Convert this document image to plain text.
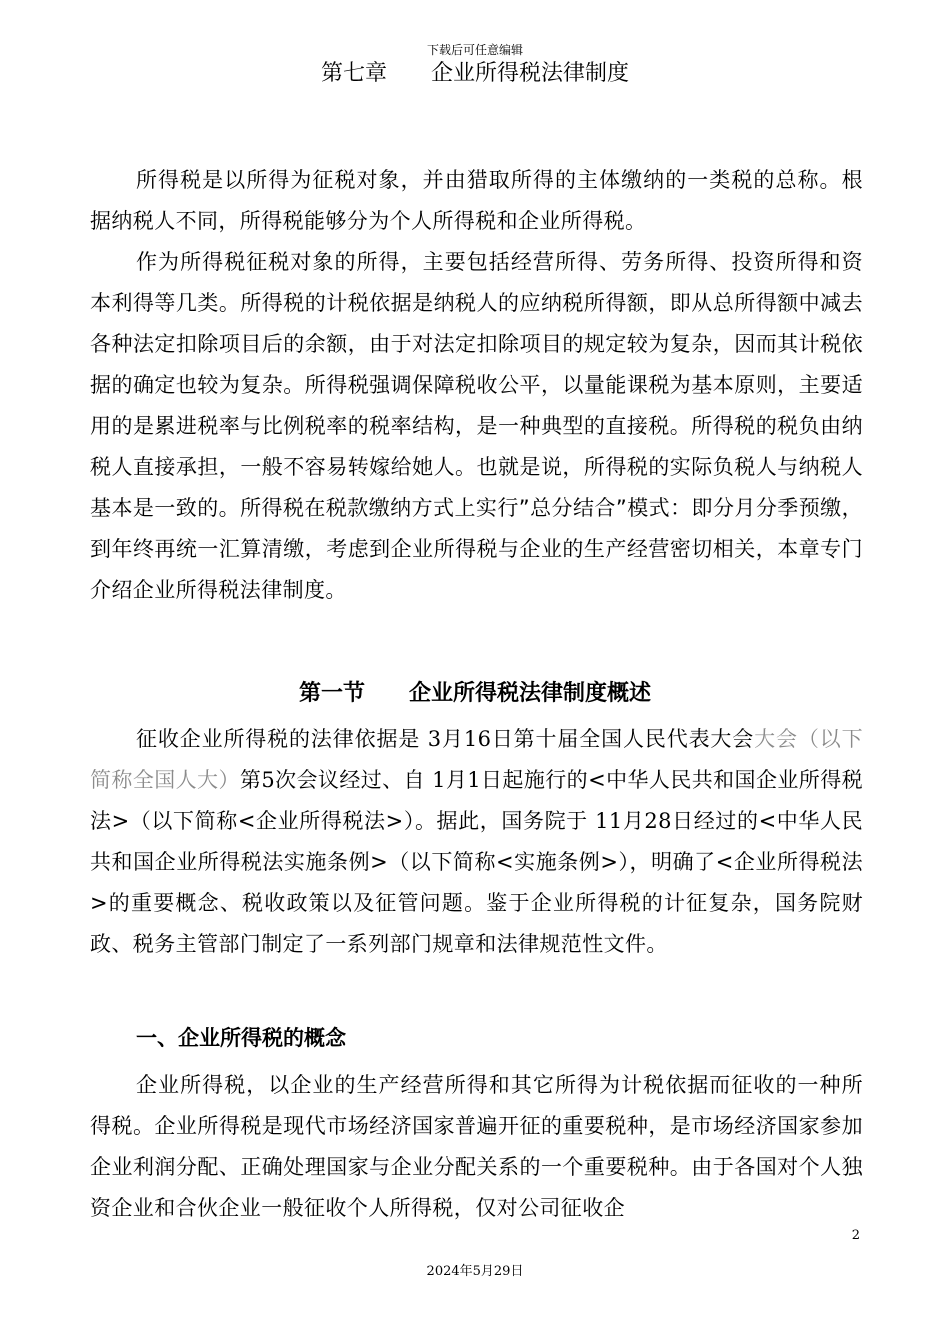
下载后可任意编辑
第七章　　企业所得税法律制度

所得税是以所得为征税对象，并由猎取所得的主体缴纳的一类税的总称。根据纳税人不同，所得税能够分为个人所得税和企业所得税。

作为所得税征税对象的所得，主要包括经营所得、劳务所得、投资所得和资本利得等几类。所得税的计税依据是纳税人的应纳税所得额，即从总所得额中减去各种法定扣除项目后的余额，由于对法定扣除项目的规定较为复杂，因而其计税依据的确定也较为复杂。所得税强调保障税收公平，以量能课税为基本原则，主要适用的是累进税率与比例税率的税率结构，是一种典型的直接税。所得税的税负由纳税人直接承担，一般不容易转嫁给她人。也就是说，所得税的实际负税人与纳税人基本是一致的。所得税在税款缴纳方式上实行”总分结合”模式：即分月分季预缴，到年终再统一汇算清缴，考虑到企业所得税与企业的生产经营密切相关，本章专门介绍企业所得税法律制度。

第一节　　企业所得税法律制度概述

征收企业所得税的法律依据是 3月16日第十届全国人民代表大会大会（以下简称全国人大）第5次会议经过、自 1月1日起施行的<中华人民共和国企业所得税法>（以下简称<企业所得税法>）。据此，国务院于 11月28日经过的<中华人民共和国企业所得税法实施条例>（以下简称<实施条例>），明确了<企业所得税法>的重要概念、税收政策以及征管问题。鉴于企业所得税的计征复杂，国务院财政、税务主管部门制定了一系列部门规章和法律规范性文件。

一、企业所得税的概念

企业所得税，以企业的生产经营所得和其它所得为计税依据而征收的一种所得税。企业所得税是现代市场经济国家普遍开征的重要税种，是市场经济国家参加企业利润分配、正确处理国家与企业分配关系的一个重要税种。由于各国对个人独资企业和合伙企业一般征收个人所得税，仅对公司征收企

2
2024年5月29日
